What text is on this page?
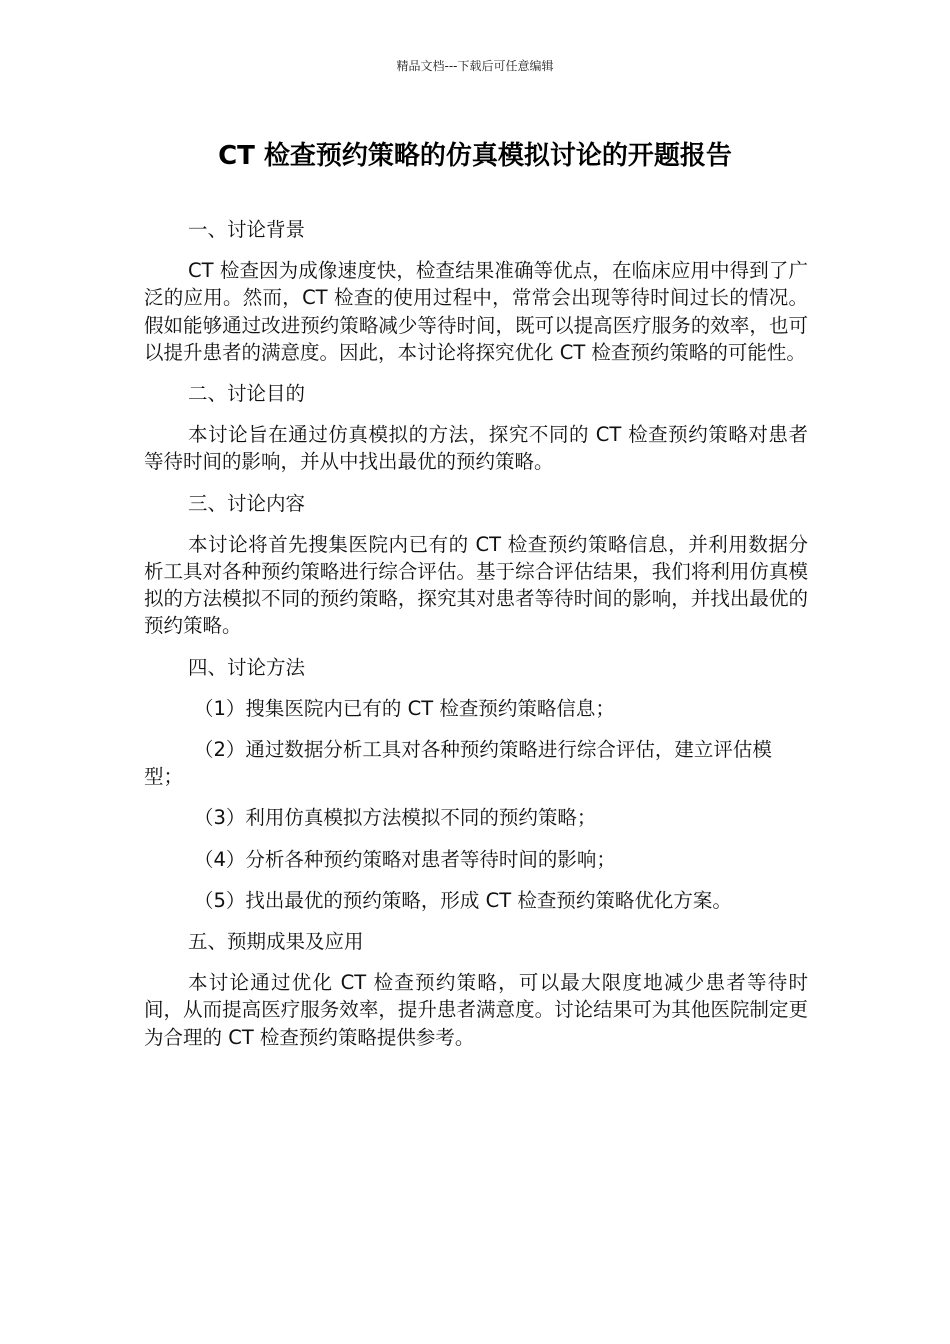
精品文档---下载后可任意编辑
CT 检查预约策略的仿真模拟讨论的开题报告

一、讨论背景

CT 检查因为成像速度快，检查结果准确等优点，在临床应用中得到了广泛的应用。然而，CT 检查的使用过程中，常常会出现等待时间过长的情况。假如能够通过改进预约策略减少等待时间，既可以提高医疗服务的效率，也可以提升患者的满意度。因此，本讨论将探究优化 CT 检查预约策略的可能性。

二、讨论目的

本讨论旨在通过仿真模拟的方法，探究不同的 CT 检查预约策略对患者等待时间的影响，并从中找出最优的预约策略。

三、讨论内容

本讨论将首先搜集医院内已有的 CT 检查预约策略信息，并利用数据分析工具对各种预约策略进行综合评估。基于综合评估结果，我们将利用仿真模拟的方法模拟不同的预约策略，探究其对患者等待时间的影响，并找出最优的预约策略。

四、讨论方法

（1）搜集医院内已有的 CT 检查预约策略信息；

（2）通过数据分析工具对各种预约策略进行综合评估，建立评估模型；

（3）利用仿真模拟方法模拟不同的预约策略；

（4）分析各种预约策略对患者等待时间的影响；

（5）找出最优的预约策略，形成 CT 检查预约策略优化方案。

五、预期成果及应用

本讨论通过优化 CT 检查预约策略，可以最大限度地减少患者等待时间，从而提高医疗服务效率，提升患者满意度。讨论结果可为其他医院制定更为合理的 CT 检查预约策略提供参考。
